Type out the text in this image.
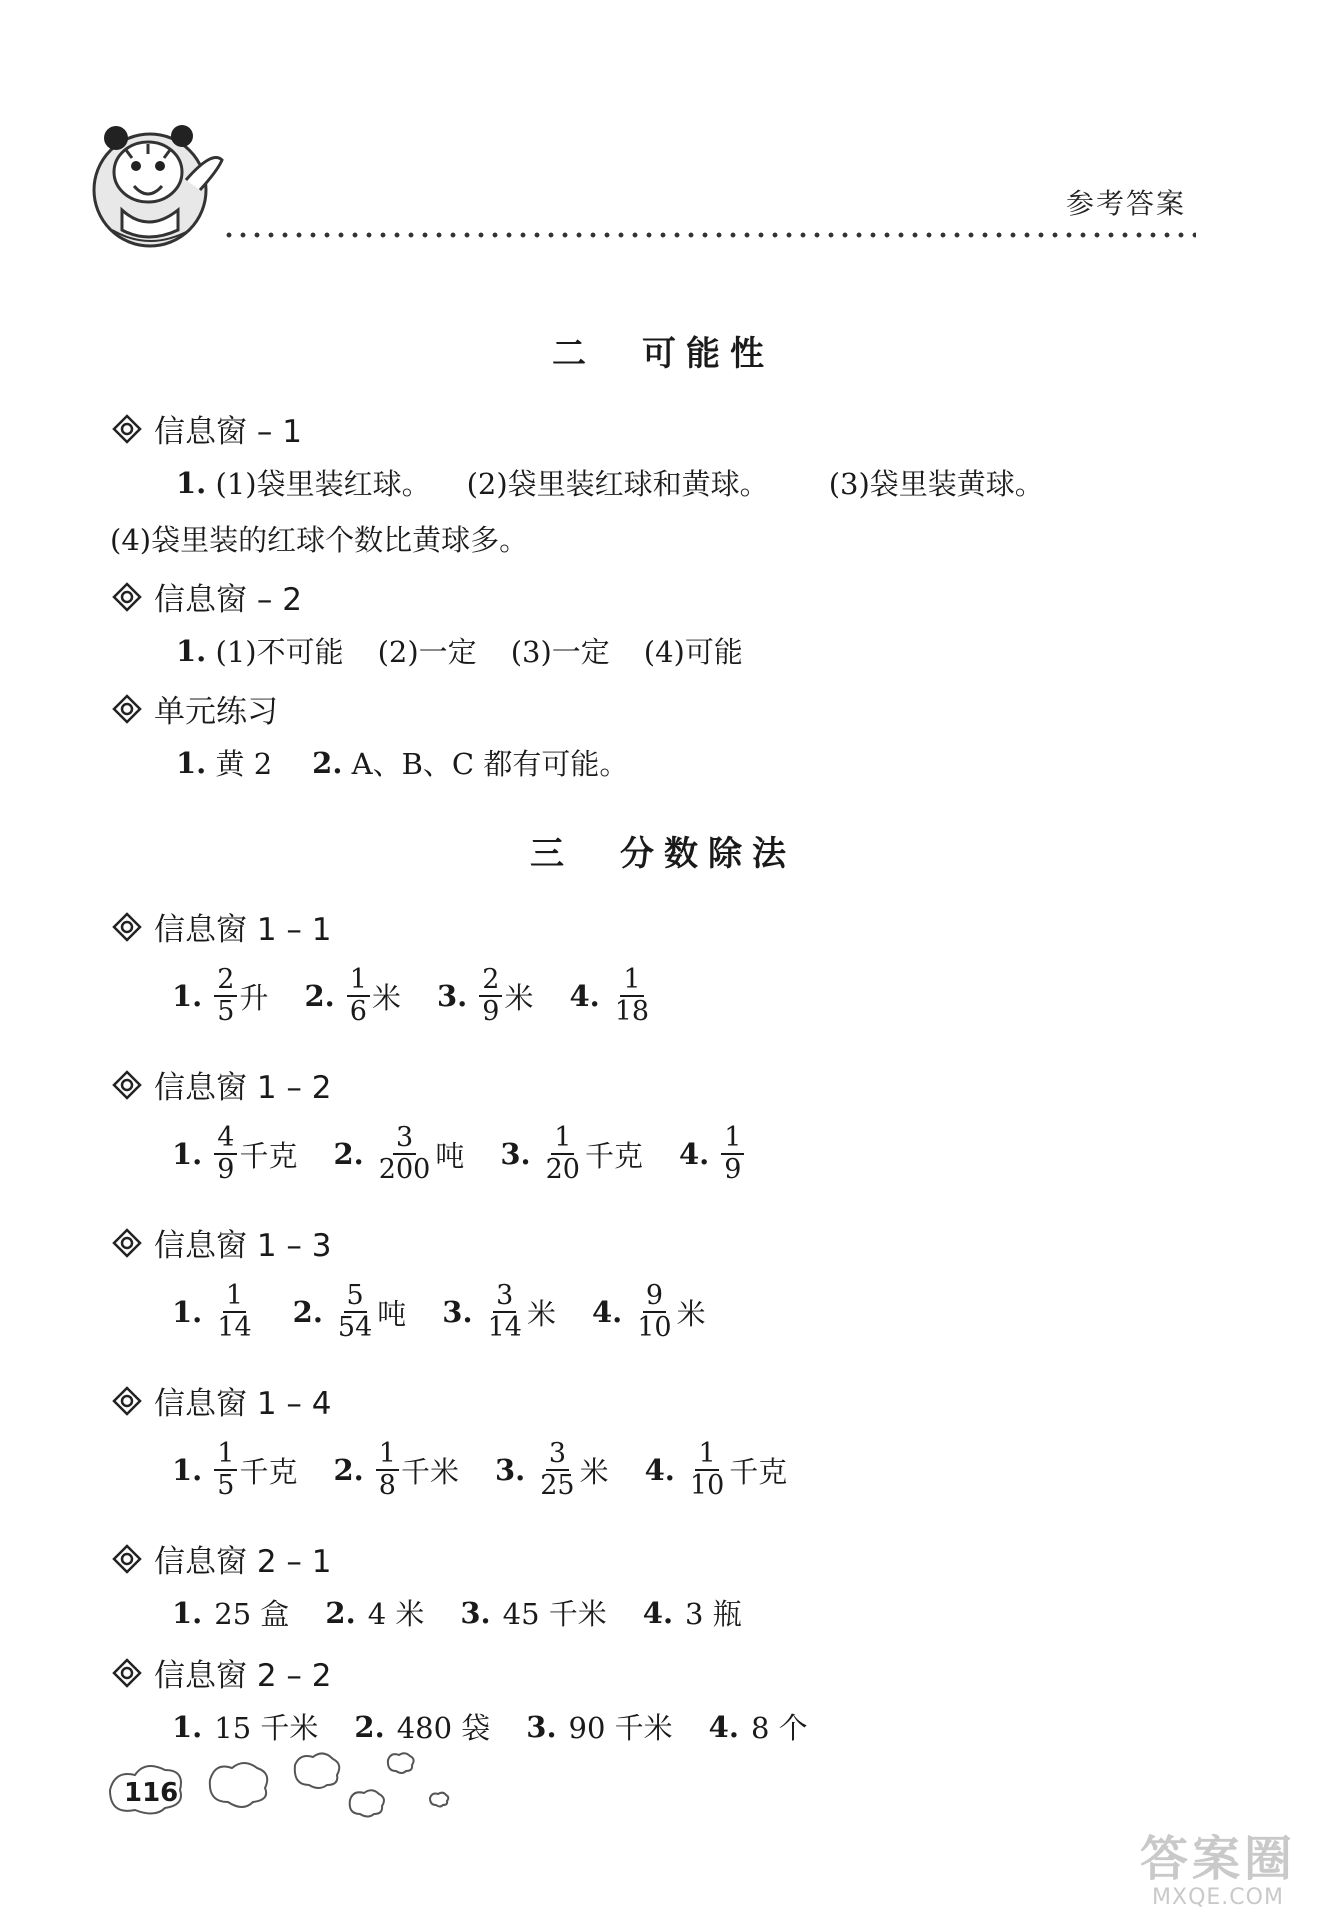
参考答案
二 可能性
信息窗 – 1
1.
(1)袋里装红球。 (2)袋里装红球和黄球。 (3)袋里装黄球。
(4)袋里装的红球个数比黄球多。
信息窗 – 2
1.
(1)不可能 (2)一定 (3)一定 (4)可能
单元练习
1.
黄 2 2.
A、B、C 都有可能。
三 分数除法
信息窗 1 – 1
1. $\frac{2}{5}$ 升 2. $\frac{1}{6}$ 米 3. $\frac{2}{9}$ 米 4. $\frac{1}{18}$
信息窗 1 – 2
1. $\frac{4}{9}$ 千克 2. $\frac{3}{200}$ 吨 3. $\frac{1}{20}$ 千克 4. $\frac{1}{9}$
信息窗 1 – 3
1. $\frac{1}{14} 2$. $\frac{5}{54}$ 吨 3. $\frac{3}{14}$ 米 4. $\frac{9}{10}$ 米
信息窗 1 – 4
1. $\frac{1}{5}$ 千克 2. $\frac{1}{8}$ 千米 3. $\frac{3}{25}$ 米 4. $\frac{1}{10}$ 千克
信息窗 2 – 1
1. 25 盒 2. 4 米 3. 45 千米 4. 3 瓶
信息窗 2 – 2
1. 15 千米 2. 480 袋 3. 90 千米 4. 8 个
116
答案圈
MXQE.COM
